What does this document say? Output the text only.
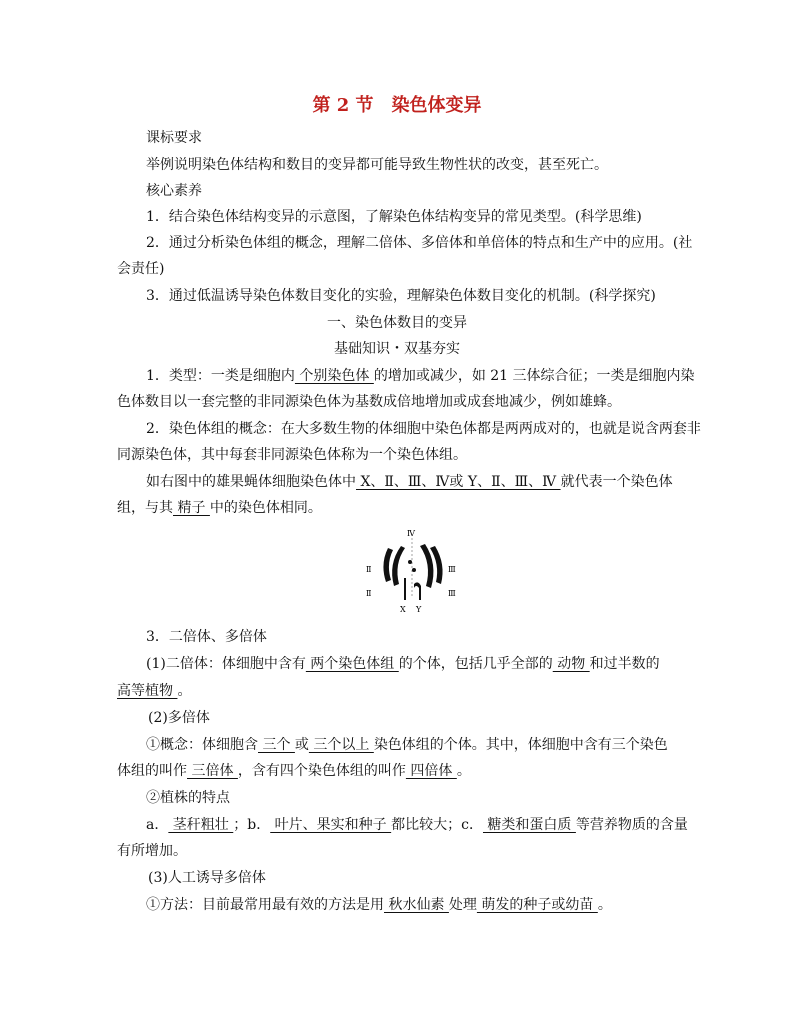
第 2 节 染色体变异
课标要求
举例说明染色体结构和数目的变异都可能导致生物性状的改变，甚至死亡。
核心素养
1．结合染色体结构变异的示意图，了解染色体结构变异的常见类型。(科学思维)
2．通过分析染色体组的概念，理解二倍体、多倍体和单倍体的特点和生产中的应用。(社
会责任)
3．通过低温诱导染色体数目变化的实验，理解染色体数目变化的机制。(科学探究)
一、染色体数目的变异
基础知识・双基夯实
1．类型：一类是细胞内 个别染色体 的增加或减少，如 21 三体综合征；一类是细胞内染
色体数目以一套完整的非同源染色体为基数成倍地增加或成套地减少，例如雄蜂。
2．染色体组的概念：在大多数生物的体细胞中染色体都是两两成对的，也就是说含两套非
同源染色体，其中每套非同源染色体称为一个染色体组。
如右图中的雄果蝇体细胞染色体中 X、Ⅱ、Ⅲ、Ⅳ或 Y、Ⅱ、Ⅲ、Ⅳ 就代表一个染色体
组，与其 精子 中的染色体相同。
Ⅳ
Ⅱ
Ⅱ
Ⅲ
Ⅲ
X Y
3．二倍体、多倍体
(1)二倍体：体细胞中含有 两个染色体组 的个体，包括几乎全部的 动物 和过半数的
高等植物 。
(2)多倍体
①概念：体细胞含 三个 或 三个以上 染色体组的个体。其中，体细胞中含有三个染色
体组的叫作 三倍体 ，含有四个染色体组的叫作 四倍体 。
②植株的特点
a． 茎秆粗壮 ；b． 叶片、果实和种子 都比较大；c． 糖类和蛋白质 等营养物质的含量
有所增加。
(3)人工诱导多倍体
①方法：目前最常用最有效的方法是用 秋水仙素 处理 萌发的种子或幼苗 。
